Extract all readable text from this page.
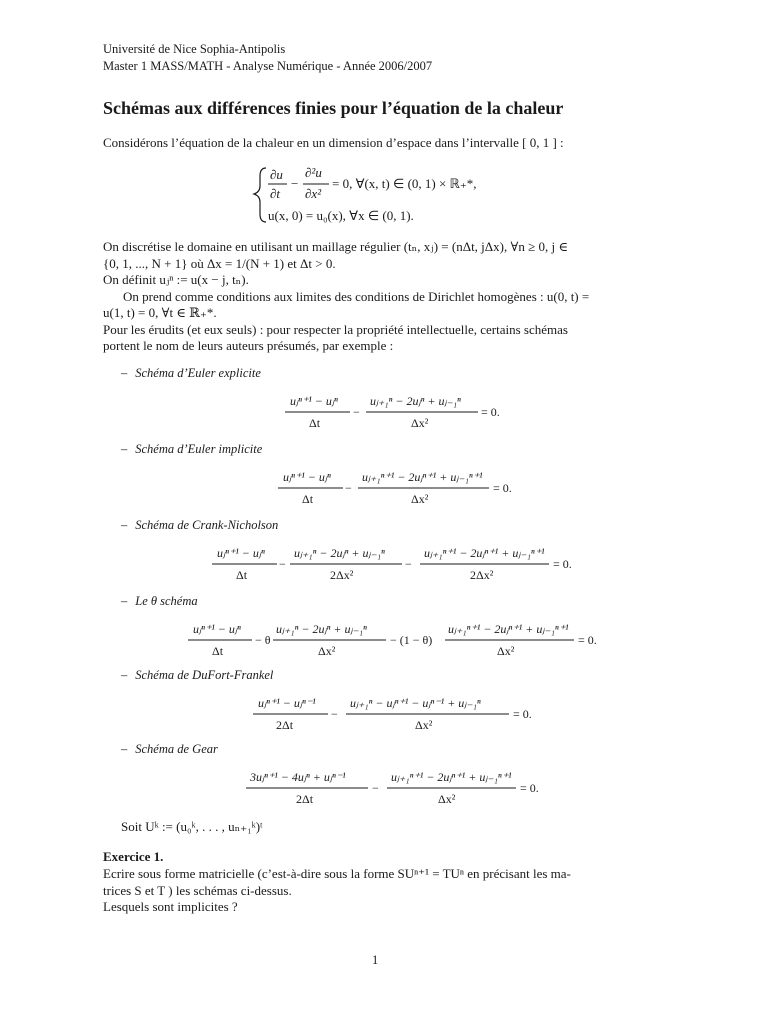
Université de Nice Sophia-Antipolis
Master 1 MASS/MATH - Analyse Numérique - Année 2006/2007
Schémas aux différences finies pour l’équation de la chaleur
Considérons l’équation de la chaleur en un dimension d’espace dans l’intervalle [ 0, 1 ] :
∂u
∂t
−
∂²u
∂x²
= 0, ∀(x, t) ∈ (0, 1) × ℝ₊*,
u(x, 0) = u₀(x), ∀x ∈ (0, 1).
On discrétise le domaine en utilisant un maillage régulier (tₙ, xⱼ) = (nΔt, jΔx), ∀n ≥ 0, j ∈
{0, 1, ..., N + 1} où Δx = 1/(N + 1) et Δt > 0.
On définit uⱼⁿ := u(x − j, tₙ).
On prend comme conditions aux limites des conditions de Dirichlet homogènes : u(0, t) =
u(1, t) = 0, ∀t ∈ ℝ₊*.
Pour les érudits (et eux seuls) : pour respecter la propriété intellectuelle, certains schémas
portent le nom de leurs auteurs présumés, par exemple :
– Schéma d’Euler explicite
– Schéma d’Euler implicite
– Schéma de Crank-Nicholson
– Le θ schéma
– Schéma de DuFort-Frankel
– Schéma de Gear
uⱼⁿ⁺¹ − uⱼⁿ
Δt
−
uⱼ₊₁ⁿ − 2uⱼⁿ + uⱼ₋₁ⁿ
Δx²
= 0.
uⱼⁿ⁺¹ − uⱼⁿ
Δt
−
uⱼ₊₁ⁿ⁺¹ − 2uⱼⁿ⁺¹ + uⱼ₋₁ⁿ⁺¹
Δx²
= 0.
uⱼⁿ⁺¹ − uⱼⁿ
Δt
−
uⱼ₊₁ⁿ − 2uⱼⁿ + uⱼ₋₁ⁿ
2Δx²
−
uⱼ₊₁ⁿ⁺¹ − 2uⱼⁿ⁺¹ + uⱼ₋₁ⁿ⁺¹
2Δx²
= 0.
uⱼⁿ⁺¹ − uⱼⁿ
Δt
− θ
uⱼ₊₁ⁿ − 2uⱼⁿ + uⱼ₋₁ⁿ
Δx²
− (1 − θ)
uⱼ₊₁ⁿ⁺¹ − 2uⱼⁿ⁺¹ + uⱼ₋₁ⁿ⁺¹
Δx²
= 0.
uⱼⁿ⁺¹ − uⱼⁿ⁻¹
2Δt
−
uⱼ₊₁ⁿ − uⱼⁿ⁺¹ − uⱼⁿ⁻¹ + uⱼ₋₁ⁿ
Δx²
= 0.
3uⱼⁿ⁺¹ − 4uⱼⁿ + uⱼⁿ⁻¹
2Δt
−
uⱼ₊₁ⁿ⁺¹ − 2uⱼⁿ⁺¹ + uⱼ₋₁ⁿ⁺¹
Δx²
= 0.
Soit Uᵏ := (u₀ᵏ, . . . , uₙ₊₁ᵏ)ᵗ
Exercice 1.
Ecrire sous forme matricielle (c’est-à-dire sous la forme SUⁿ⁺¹ = TUⁿ en précisant les ma-
trices S et T ) les schémas ci-dessus.
Lesquels sont implicites ?
1
